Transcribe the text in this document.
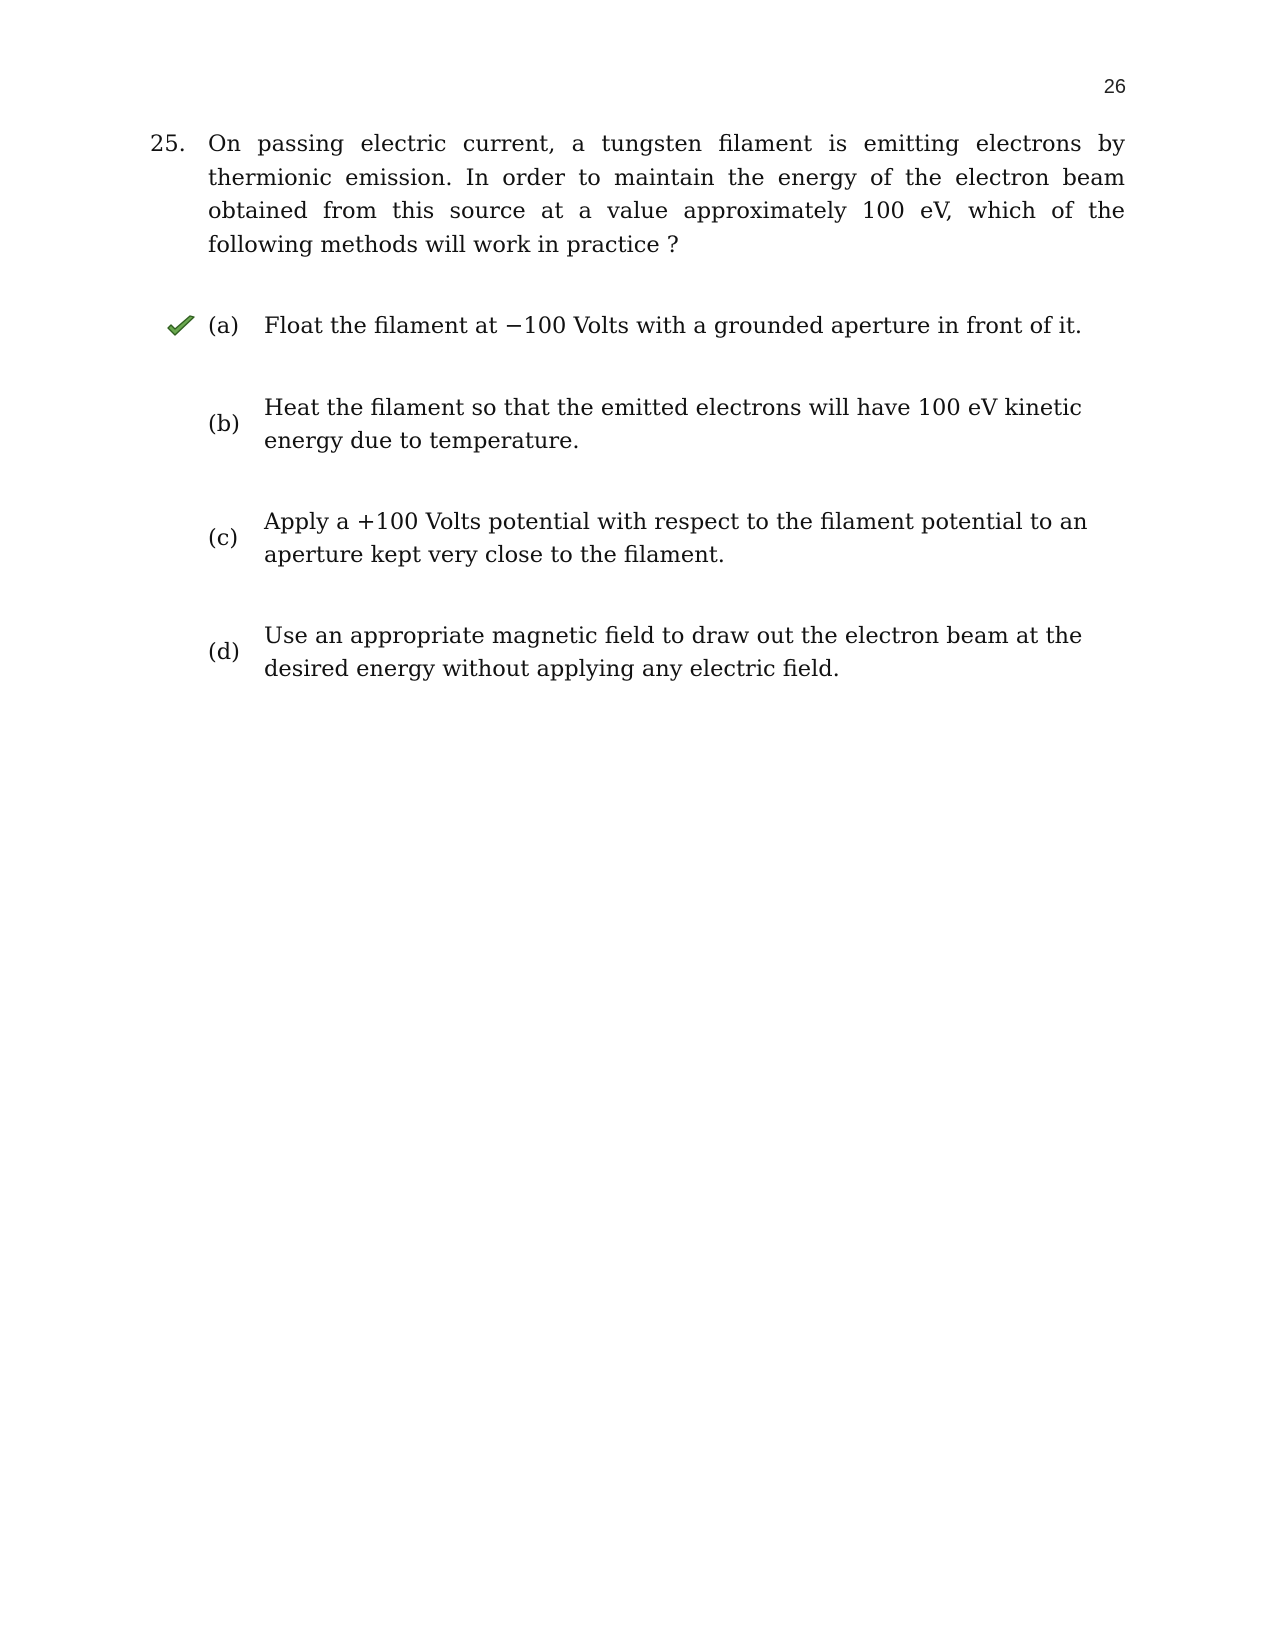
26
25. On passing electric current, a tungsten filament is emitting electrons by thermionic emission. In order to maintain the energy of the electron beam obtained from this source at a value approximately 100 eV, which of the following methods will work in practice ?
(a)	Float the filament at −100 Volts with a grounded aperture in front of it.
(b)
Heat the filament so that the emitted electrons will have 100 eV kinetic energy due to temperature.
(c)
Apply a +100 Volts potential with respect to the filament potential to an aperture kept very close to the filament.
(d)
Use an appropriate magnetic field to draw out the electron beam at the desired energy without applying any electric field.
